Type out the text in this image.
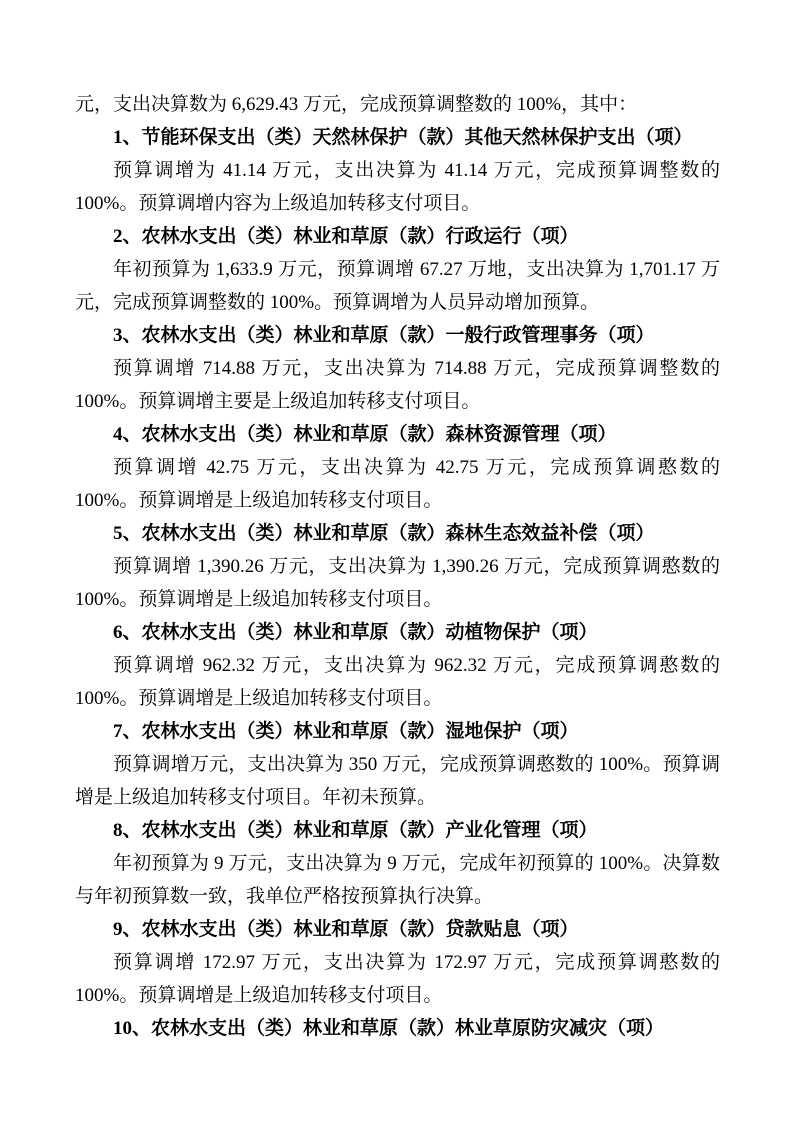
元，支出决算数为 6,629.43 万元，完成预算调整数的 100%，其中：

1、节能环保支出（类）天然林保护（款）其他天然林保护支出（项）

预算调增为 41.14 万元，支出决算为 41.14 万元，完成预算调整数的 100%。预算调增内容为上级追加转移支付项目。

2、农林水支出（类）林业和草原（款）行政运行（项）

年初预算为 1,633.9 万元，预算调增 67.27 万地，支出决算为 1,701.17 万元，完成预算调整数的 100%。预算调增为人员异动增加预算。

3、农林水支出（类）林业和草原（款）一般行政管理事务（项）

预算调增 714.88 万元，支出决算为 714.88 万元，完成预算调整数的 100%。预算调增主要是上级追加转移支付项目。

4、农林水支出（类）林业和草原（款）森林资源管理（项）

预算调增 42.75 万元，支出决算为 42.75 万元，完成预算调憨数的 100%。预算调增是上级追加转移支付项目。

5、农林水支出（类）林业和草原（款）森林生态效益补偿（项）

预算调增 1,390.26 万元，支出决算为 1,390.26 万元，完成预算调憨数的 100%。预算调增是上级追加转移支付项目。

6、农林水支出（类）林业和草原（款）动植物保护（项）

预算调增 962.32 万元，支出决算为 962.32 万元，完成预算调憨数的 100%。预算调增是上级追加转移支付项目。

7、农林水支出（类）林业和草原（款）湿地保护（项）

预算调增万元，支出决算为 350 万元，完成预算调憨数的 100%。预算调增是上级追加转移支付项目。年初未预算。

8、农林水支出（类）林业和草原（款）产业化管理（项）

年初预算为 9 万元，支出决算为 9 万元，完成年初预算的 100%。决算数与年初预算数一致，我单位严格按预算执行决算。

9、农林水支出（类）林业和草原（款）贷款贴息（项）

预算调增 172.97 万元，支出决算为 172.97 万元，完成预算调憨数的 100%。预算调增是上级追加转移支付项目。

10、农林水支出（类）林业和草原（款）林业草原防灾减灾（项）
